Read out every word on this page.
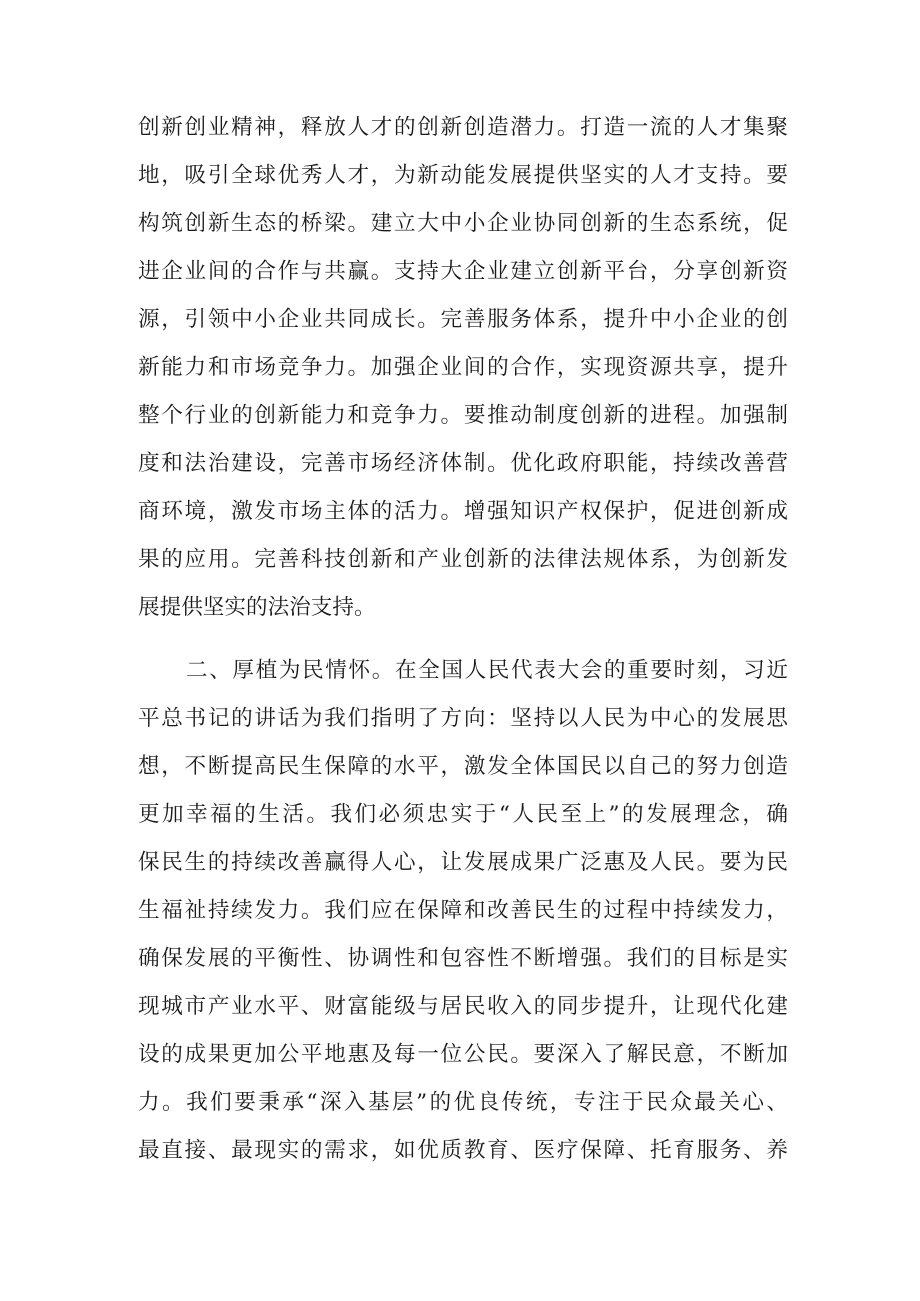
创新创业精神，释放人才的创新创造潜力。打造一流的人才集聚
地，吸引全球优秀人才，为新动能发展提供坚实的人才支持。要
构筑创新生态的桥梁。建立大中小企业协同创新的生态系统，促
进企业间的合作与共赢。支持大企业建立创新平台，分享创新资
源，引领中小企业共同成长。完善服务体系，提升中小企业的创
新能力和市场竞争力。加强企业间的合作，实现资源共享，提升
整个行业的创新能力和竞争力。要推动制度创新的进程。加强制
度和法治建设，完善市场经济体制。优化政府职能，持续改善营
商环境，激发市场主体的活力。增强知识产权保护，促进创新成
果的应用。完善科技创新和产业创新的法律法规体系，为创新发
展提供坚实的法治支持。
二、厚植为民情怀。在全国人民代表大会的重要时刻，习近
平总书记的讲话为我们指明了方向：坚持以人民为中心的发展思
想，不断提高民生保障的水平，激发全体国民以自己的努力创造
更加幸福的生活。我们必须忠实于“人民至上”的发展理念，确
保民生的持续改善赢得人心，让发展成果广泛惠及人民。要为民
生福祉持续发力。我们应在保障和改善民生的过程中持续发力，
确保发展的平衡性、协调性和包容性不断增强。我们的目标是实
现城市产业水平、财富能级与居民收入的同步提升，让现代化建
设的成果更加公平地惠及每一位公民。要深入了解民意，不断加
力。我们要秉承“深入基层”的优良传统，专注于民众最关心、
最直接、最现实的需求，如优质教育、医疗保障、托育服务、养
